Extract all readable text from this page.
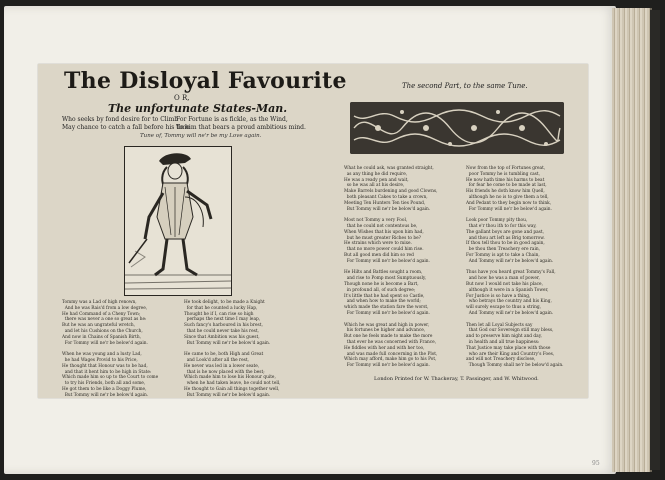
The Disloyal Favourite
O R,
The unfortunate States-Man.
Who seeks by fond desire for to Climb
May chance to catch a fall before his time
For Fortune is as fickle, as the Wind,
To him that bears a proud ambitious mind.
Tune of, Tommy will ne'r be my Love again.
The second Part, to the same Tune.
Tommy was a Lad of high renown,
And he was Rais'd from a low degree,
He had Command of a Cheny Town;
there was never a one so great as he:
But he was an ungrateful wretch,
and let his Cushions on the Church,
And now in Chains of Spanish Birth,
For Tommy will ne'r be below'd again.

When he was young and a lusty Lad,
he had Wages Provid to his Price,
He thought that Honour was to be had,
and that it hent him to be high in State:
Which made him so up to the Court to come
to try his Friends, both all and some,
He got them to be like a Doggy Plume,
But Tommy will ne'r be below'd again.
He took delight, to be made a Knight
for that he counted a lucky Hap,
Thought he if I, can rise so high
perhaps the next time I may leap,
Such fancy's harboured in his brest,
that he could never take his rest,
Since that Ambition was his guest,
But Tommy will ne'r be below'd again.

He came to be, both High and Great
and Look'd after all the rest,
He never was led in a lower seate,
that is he now placed with the best;
Which made him to lose his Honour quite,
when he had taken leave, he could not tell,
He thought to Gain all things together well,
But Tommy will ne'r be below'd again.
What he could ask, was granted straight,
as any thing he did require,
He was a ready pen and wait,
so he was all at his desire,
Make Barrels burdening and good Clowns,
both pleasant Cakes to take a crown,
Meeting Ten Hunters Ten ties Pound,
But Tommy will ne'r be below'd again.

Most not Tommy a very Fool,
that he could not contentous be,
When Wishes that his upon him had,
but he must greater Riches to be?
He strains which were to mixe.
that no more power could him rise.
But all good men did him so red
For Tommy will ne'r be below'd again.

He Hilts and Battles sought a room,
and rise to Pomp most Sumptuously,
Though none he is become a Bart,
in profound all, of such degree;
It's little that he had spent so Castle,
and when how to make the world;
which made the station fare the worst,
For Tommy will ne'r be below'd again.

Which he was great and high in power,
his fortunes be higher and advance,
But one he feels made to make the more
that ever he was concerned with France,
He fiddles with her and with her too,
and was made full concerning in the Plot,
Which may afford, make him go to his Pot,
For Tommy will ne'r be below'd again.
Now from the top of Fortunes great,
poor Tommy he is tumbling cast,
He now hath time his harms to beat
for fear he come to be made at last,
His friends he doth know him Quell,
although he no is to give them a tell,
And Pedant to they begin now to think,
For Tommy will ne'r be below'd again.

Look poor Tommy pity thou,
that e'r thou ith to for this way,
The gallant boys are gone and past,
and thou art left as Brig tomorrow.
If thou tell thou to be in good again,
be thou then Treachery ere rain,
For Tommy is apt to take a Chain,
And Tommy will ne'r be below'd again.

Thus have you heard great Tommy's Fall,
and how he was a man of power,
But now I would not take his place,
although it were in a Spanish Tower,
For Justice is so have a thing,
who betrays the country and his King,
will surely escape to thus a string,
And Tommy will ne'r be below'd again.

Then let all Loyal Subjects say
that God our Sovereign still may bless,
and to preserve him night and day,
in health and all true happiness:
That Justice may take place with those
who are their King and Country's Foes,
and will not Treachery disclose,
Though Tommy shall ne'r be below'd again.
London Printed for W. Thackeray, T. Passinger, and W. Whitwood.
95
